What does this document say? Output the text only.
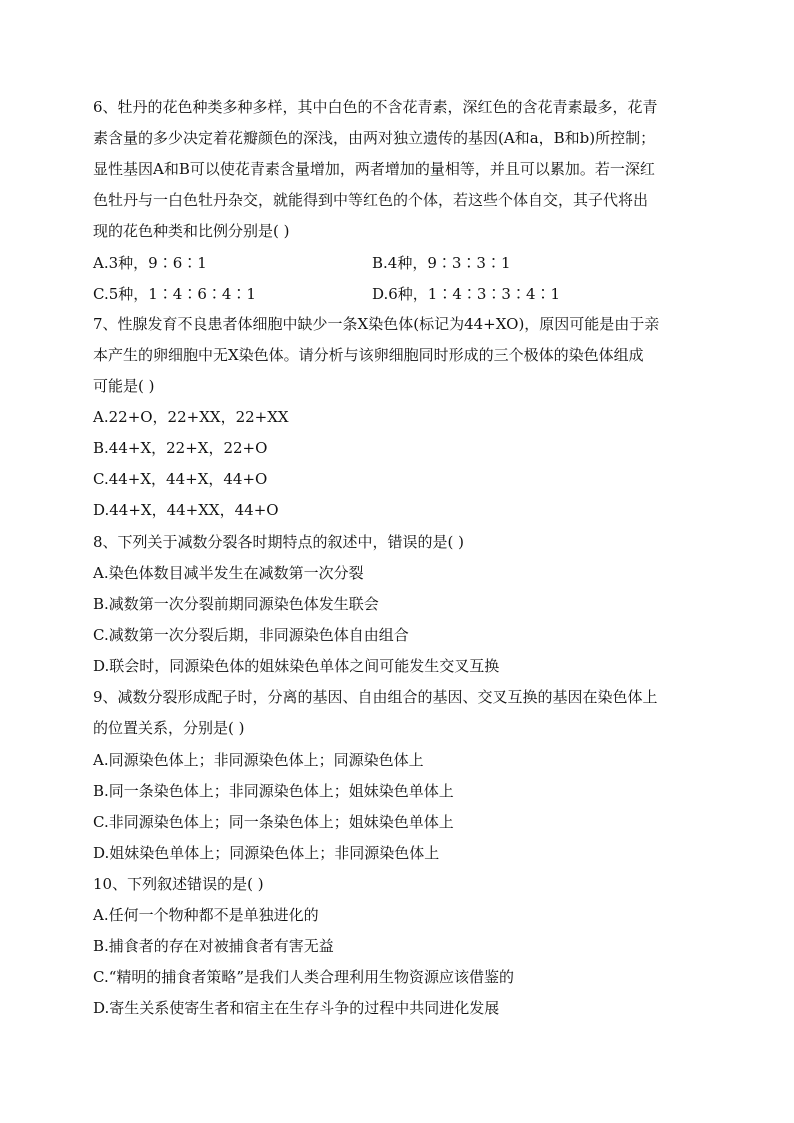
6、牡丹的花色种类多种多样，其中白色的不含花青素，深红色的含花青素最多，花青
素含量的多少决定着花瓣颜色的深浅，由两对独立遗传的基因(A和a，B和b)所控制；
显性基因A和B可以使花青素含量增加，两者增加的量相等，并且可以累加。若一深红
色牡丹与一白色牡丹杂交，就能得到中等红色的个体，若这些个体自交，其子代将出
现的花色种类和比例分别是( )
A.3种，9∶6∶1	B.4种，9∶3∶3∶1
C.5种，1∶4∶6∶4∶1	D.6种，1∶4∶3∶3∶4∶1
7、性腺发育不良患者体细胞中缺少一条X染色体(标记为44+XO)，原因可能是由于亲
本产生的卵细胞中无X染色体。请分析与该卵细胞同时形成的三个极体的染色体组成
可能是( )
A.22+O，22+XX，22+XX
B.44+X，22+X，22+O
C.44+X，44+X，44+O
D.44+X，44+XX，44+O
8、下列关于减数分裂各时期特点的叙述中，错误的是( )
A.染色体数目减半发生在减数第一次分裂
B.减数第一次分裂前期同源染色体发生联会
C.减数第一次分裂后期，非同源染色体自由组合
D.联会时，同源染色体的姐妹染色单体之间可能发生交叉互换
9、减数分裂形成配子时，分离的基因、自由组合的基因、交叉互换的基因在染色体上
的位置关系，分别是( )
A.同源染色体上；非同源染色体上；同源染色体上
B.同一条染色体上；非同源染色体上；姐妹染色单体上
C.非同源染色体上；同一条染色体上；姐妹染色单体上
D.姐妹染色单体上；同源染色体上；非同源染色体上
10、下列叙述错误的是( )
A.任何一个物种都不是单独进化的
B.捕食者的存在对被捕食者有害无益
C.“精明的捕食者策略”是我们人类合理利用生物资源应该借鉴的
D.寄生关系使寄生者和宿主在生存斗争的过程中共同进化发展
